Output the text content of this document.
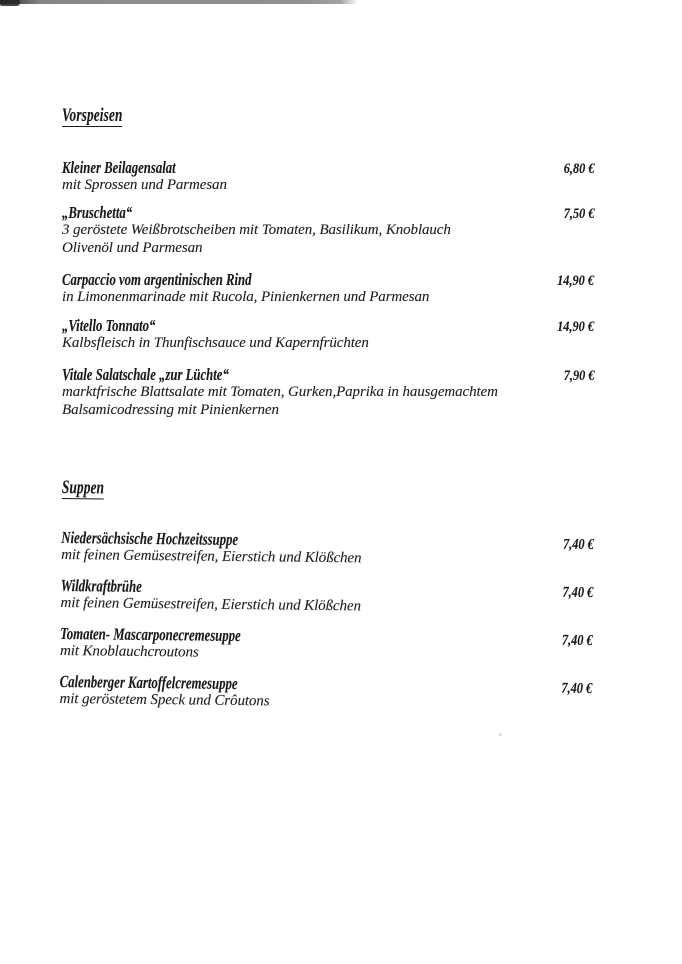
Vorspeisen
Kleiner Beilagensalat	6,80 €
mit Sprossen und Parmesan
„Bruschetta“	7,50 €
3 geröstete Weißbrotscheiben mit Tomaten, Basilikum, Knoblauch
Olivenöl und Parmesan
Carpaccio vom argentinischen Rind	14,90 €
in Limonenmarinade mit Rucola, Pinienkernen und Parmesan
„Vitello Tonnato“	14,90 €
Kalbsfleisch in Thunfischsauce und Kapernfrüchten
Vitale Salatschale „zur Lüchte“	7,90 €
marktfrische Blattsalate mit Tomaten, Gurken,Paprika in hausgemachtem
Balsamicodressing mit Pinienkernen
Suppen
Niedersächsische Hochzeitssuppe	7,40 €
mit feinen Gemüsestreifen, Eierstich und Klößchen
Wildkraftbrühe	7,40 €
mit feinen Gemüsestreifen, Eierstich und Klößchen
Tomaten- Mascarponecremesuppe	7,40 €
mit Knoblauchcroutons
Calenberger Kartoffelcremesuppe	7,40 €
mit geröstetem Speck und Crôutons
